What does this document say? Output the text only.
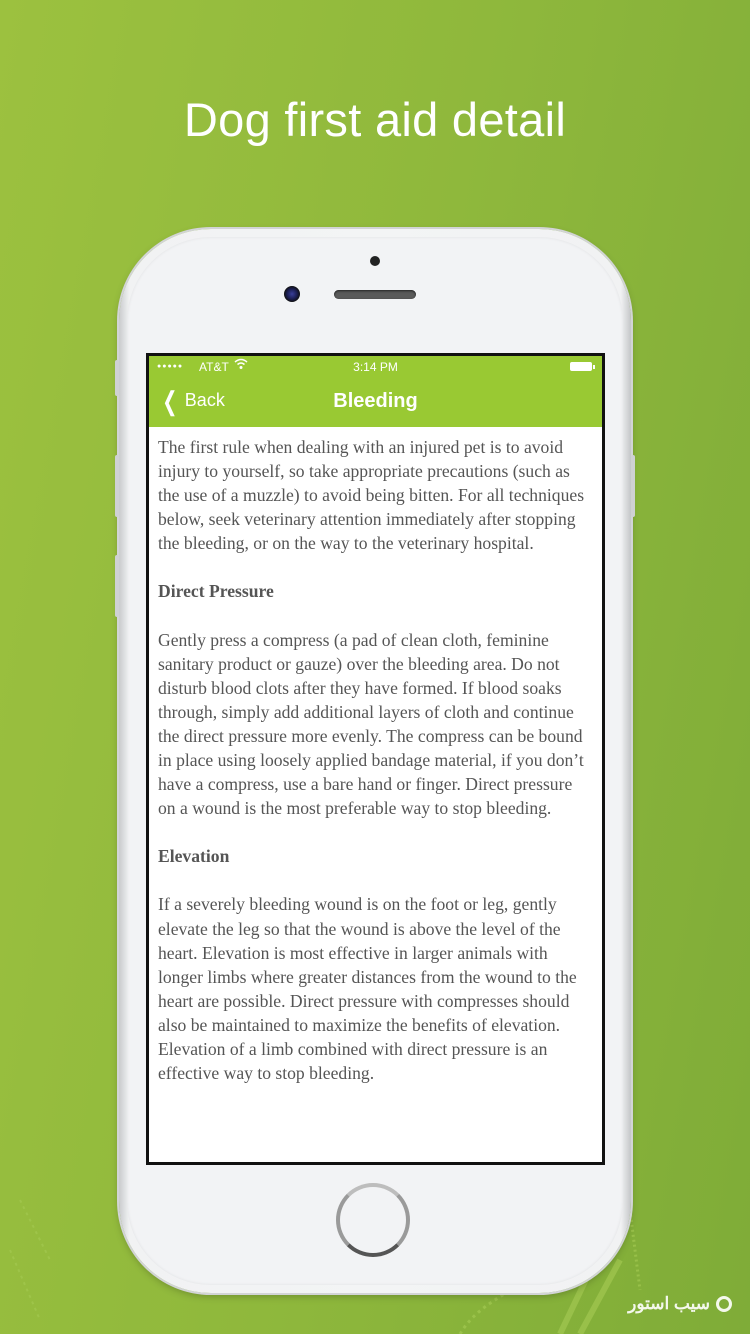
Dog first aid detail
●●●●● AT&T	3:14 PM
❮ Back	Bleeding

The first rule when dealing with an injured pet is to avoid injury to yourself, so take appropriate precautions (such as the use of a muzzle) to avoid being bitten. For all techniques below, seek veterinary attention immediately after stopping the bleeding, or on the way to the veterinary hospital.

Direct Pressure

Gently press a compress (a pad of clean cloth, feminine sanitary product or gauze) over the bleeding area. Do not disturb blood clots after they have formed. If blood soaks through, simply add additional layers of cloth and continue the direct pressure more evenly. The compress can be bound in place using loosely applied bandage material, if you don’t have a compress, use a bare hand or finger. Direct pressure on a wound is the most preferable way to stop bleeding.

Elevation

If a severely bleeding wound is on the foot or leg, gently elevate the leg so that the wound is above the level of the heart. Elevation is most effective in larger animals with longer limbs where greater distances from the wound to the heart are possible. Direct pressure with compresses should also be maintained to maximize the benefits of elevation. Elevation of a limb combined with direct pressure is an effective way to stop bleeding.

سیب استور
